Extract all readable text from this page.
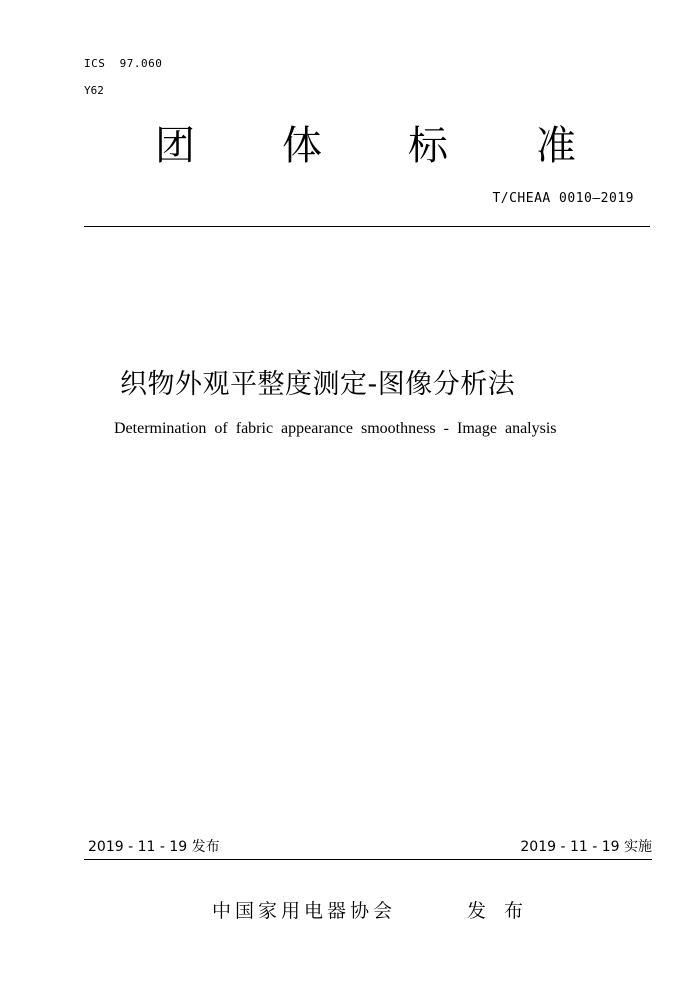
ICS  97.060
Y62
团 体 标 准
T/CHEAA 0010—2019
织物外观平整度测定-图像分析法
Determination of fabric appearance smoothness - Image analysis
2019 - 11 - 19 发布	2019 - 11 - 19 实施
中国家用电器协会	发 布
